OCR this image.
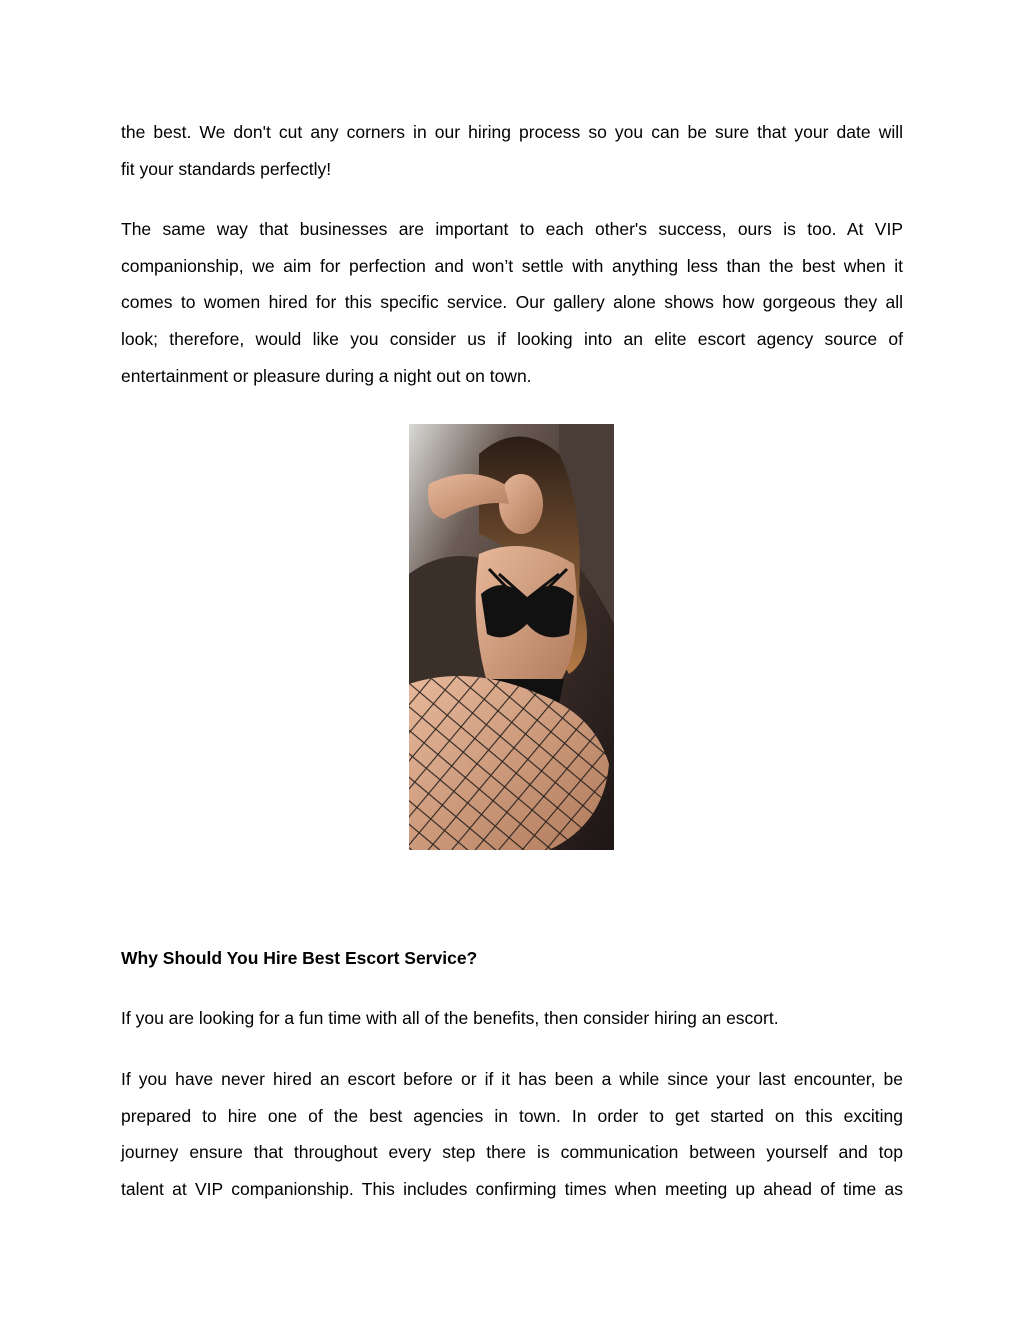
the best. We don't cut any corners in our hiring process so you can be sure that your date will
fit your standards perfectly!
The same way that businesses are important to each other's success, ours is too. At VIP
companionship, we aim for perfection and won’t settle with anything less than the best when it
comes to women hired for this specific service. Our gallery alone shows how gorgeous they all
look; therefore, would like you consider us if looking into an elite escort agency source of
entertainment or pleasure during a night out on town.
Why Should You Hire Best Escort Service?
If you are looking for a fun time with all of the benefits, then consider hiring an escort.
If you have never hired an escort before or if it has been a while since your last encounter, be
prepared to hire one of the best agencies in town. In order to get started on this exciting
journey ensure that throughout every step there is communication between yourself and top
talent at VIP companionship. This includes confirming times when meeting up ahead of time as
